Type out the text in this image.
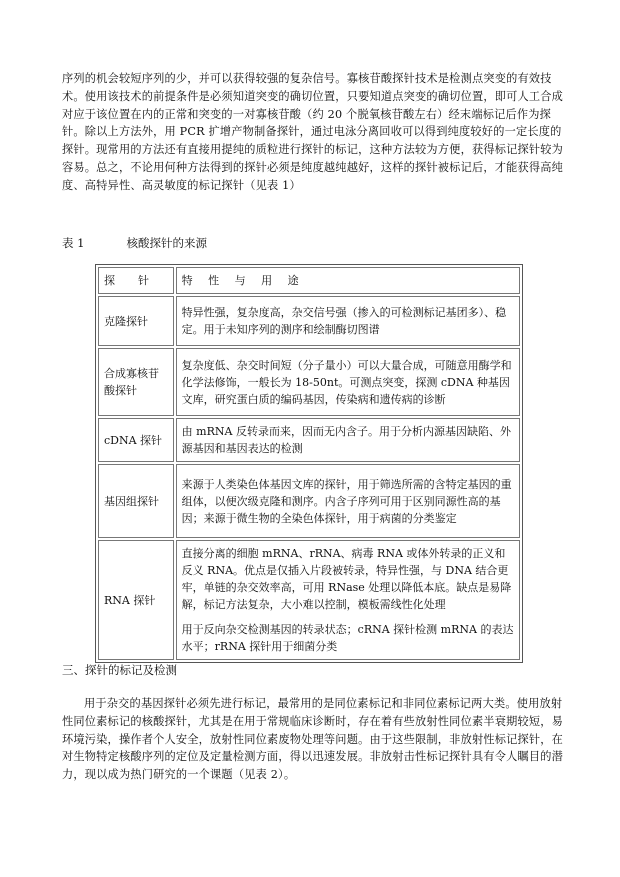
序列的机会较短序列的少，并可以获得较强的复杂信号。寡核苷酸探针技术是检测点突变的有效技术。使用该技术的前提条件是必须知道突变的确切位置，只要知道点突变的确切位置，即可人工合成对应于该位置在内的正常和突变的一对寡核苷酸（约 20 个脱氧核苷酸左右）经末端标记后作为探针。除以上方法外，用 PCR 扩增产物制备探针，通过电泳分离回收可以得到纯度较好的一定长度的探针。现常用的方法还有直接用提纯的质粒进行探针的标记，这种方法较为方便，获得标记探针较为容易。总之，不论用何种方法得到的探针必须是纯度越纯越好，这样的探针被标记后，才能获得高纯度、高特异性、高灵敏度的标记探针（见表 1）

表 1	核酸探针的来源
探　针	特 性 与 用 途
克隆探针	特异性强，复杂度高，杂交信号强（掺入的可检测标记基团多）、稳定。用于未知序列的测序和绘制酶切图谱
合成寡核苷酸探针	复杂度低、杂交时间短（分子量小）可以大量合成，可随意用酶学和化学法修饰，一般长为 18-50nt。可测点突变，探测 cDNA 种基因文库，研究蛋白质的编码基因，传染病和遗传病的诊断
cDNA 探针	由 mRNA 反转录而来，因而无内含子。用于分析内源基因缺陷、外源基因和基因表达的检测
基因组探针	来源于人类染色体基因文库的探针，用于筛选所需的含特定基因的重组体，以便次级克隆和测序。内含子序列可用于区别同源性高的基因；来源于微生物的全染色体探针，用于病菌的分类鉴定
RNA 探针	直接分离的细胞 mRNA、rRNA、病毒 RNA 或体外转录的正义和反义 RNA。优点是仅插入片段被转录，特异性强，与 DNA 结合更牢，单链的杂交效率高，可用 RNase 处理以降低本底。缺点是易降解，标记方法复杂，大小难以控制，模板需线性化处理
用于反向杂交检测基因的转录状态；cRNA 探针检测 mRNA 的表达水平；rRNA 探针用于细菌分类

三、探针的标记及检测

用于杂交的基因探针必须先进行标记，最常用的是同位素标记和非同位素标记两大类。使用放射性同位素标记的核酸探针，尤其是在用于常规临床诊断时，存在着有些放射性同位素半衰期较短，易环境污染，操作者个人安全，放射性同位素废物处理等问题。由于这些限制，非放射性标记探针，在对生物特定核酸序列的定位及定量检测方面，得以迅速发展。非放射击性标记探针具有令人瞩目的潜力，现以成为热门研究的一个课题（见表 2）。
